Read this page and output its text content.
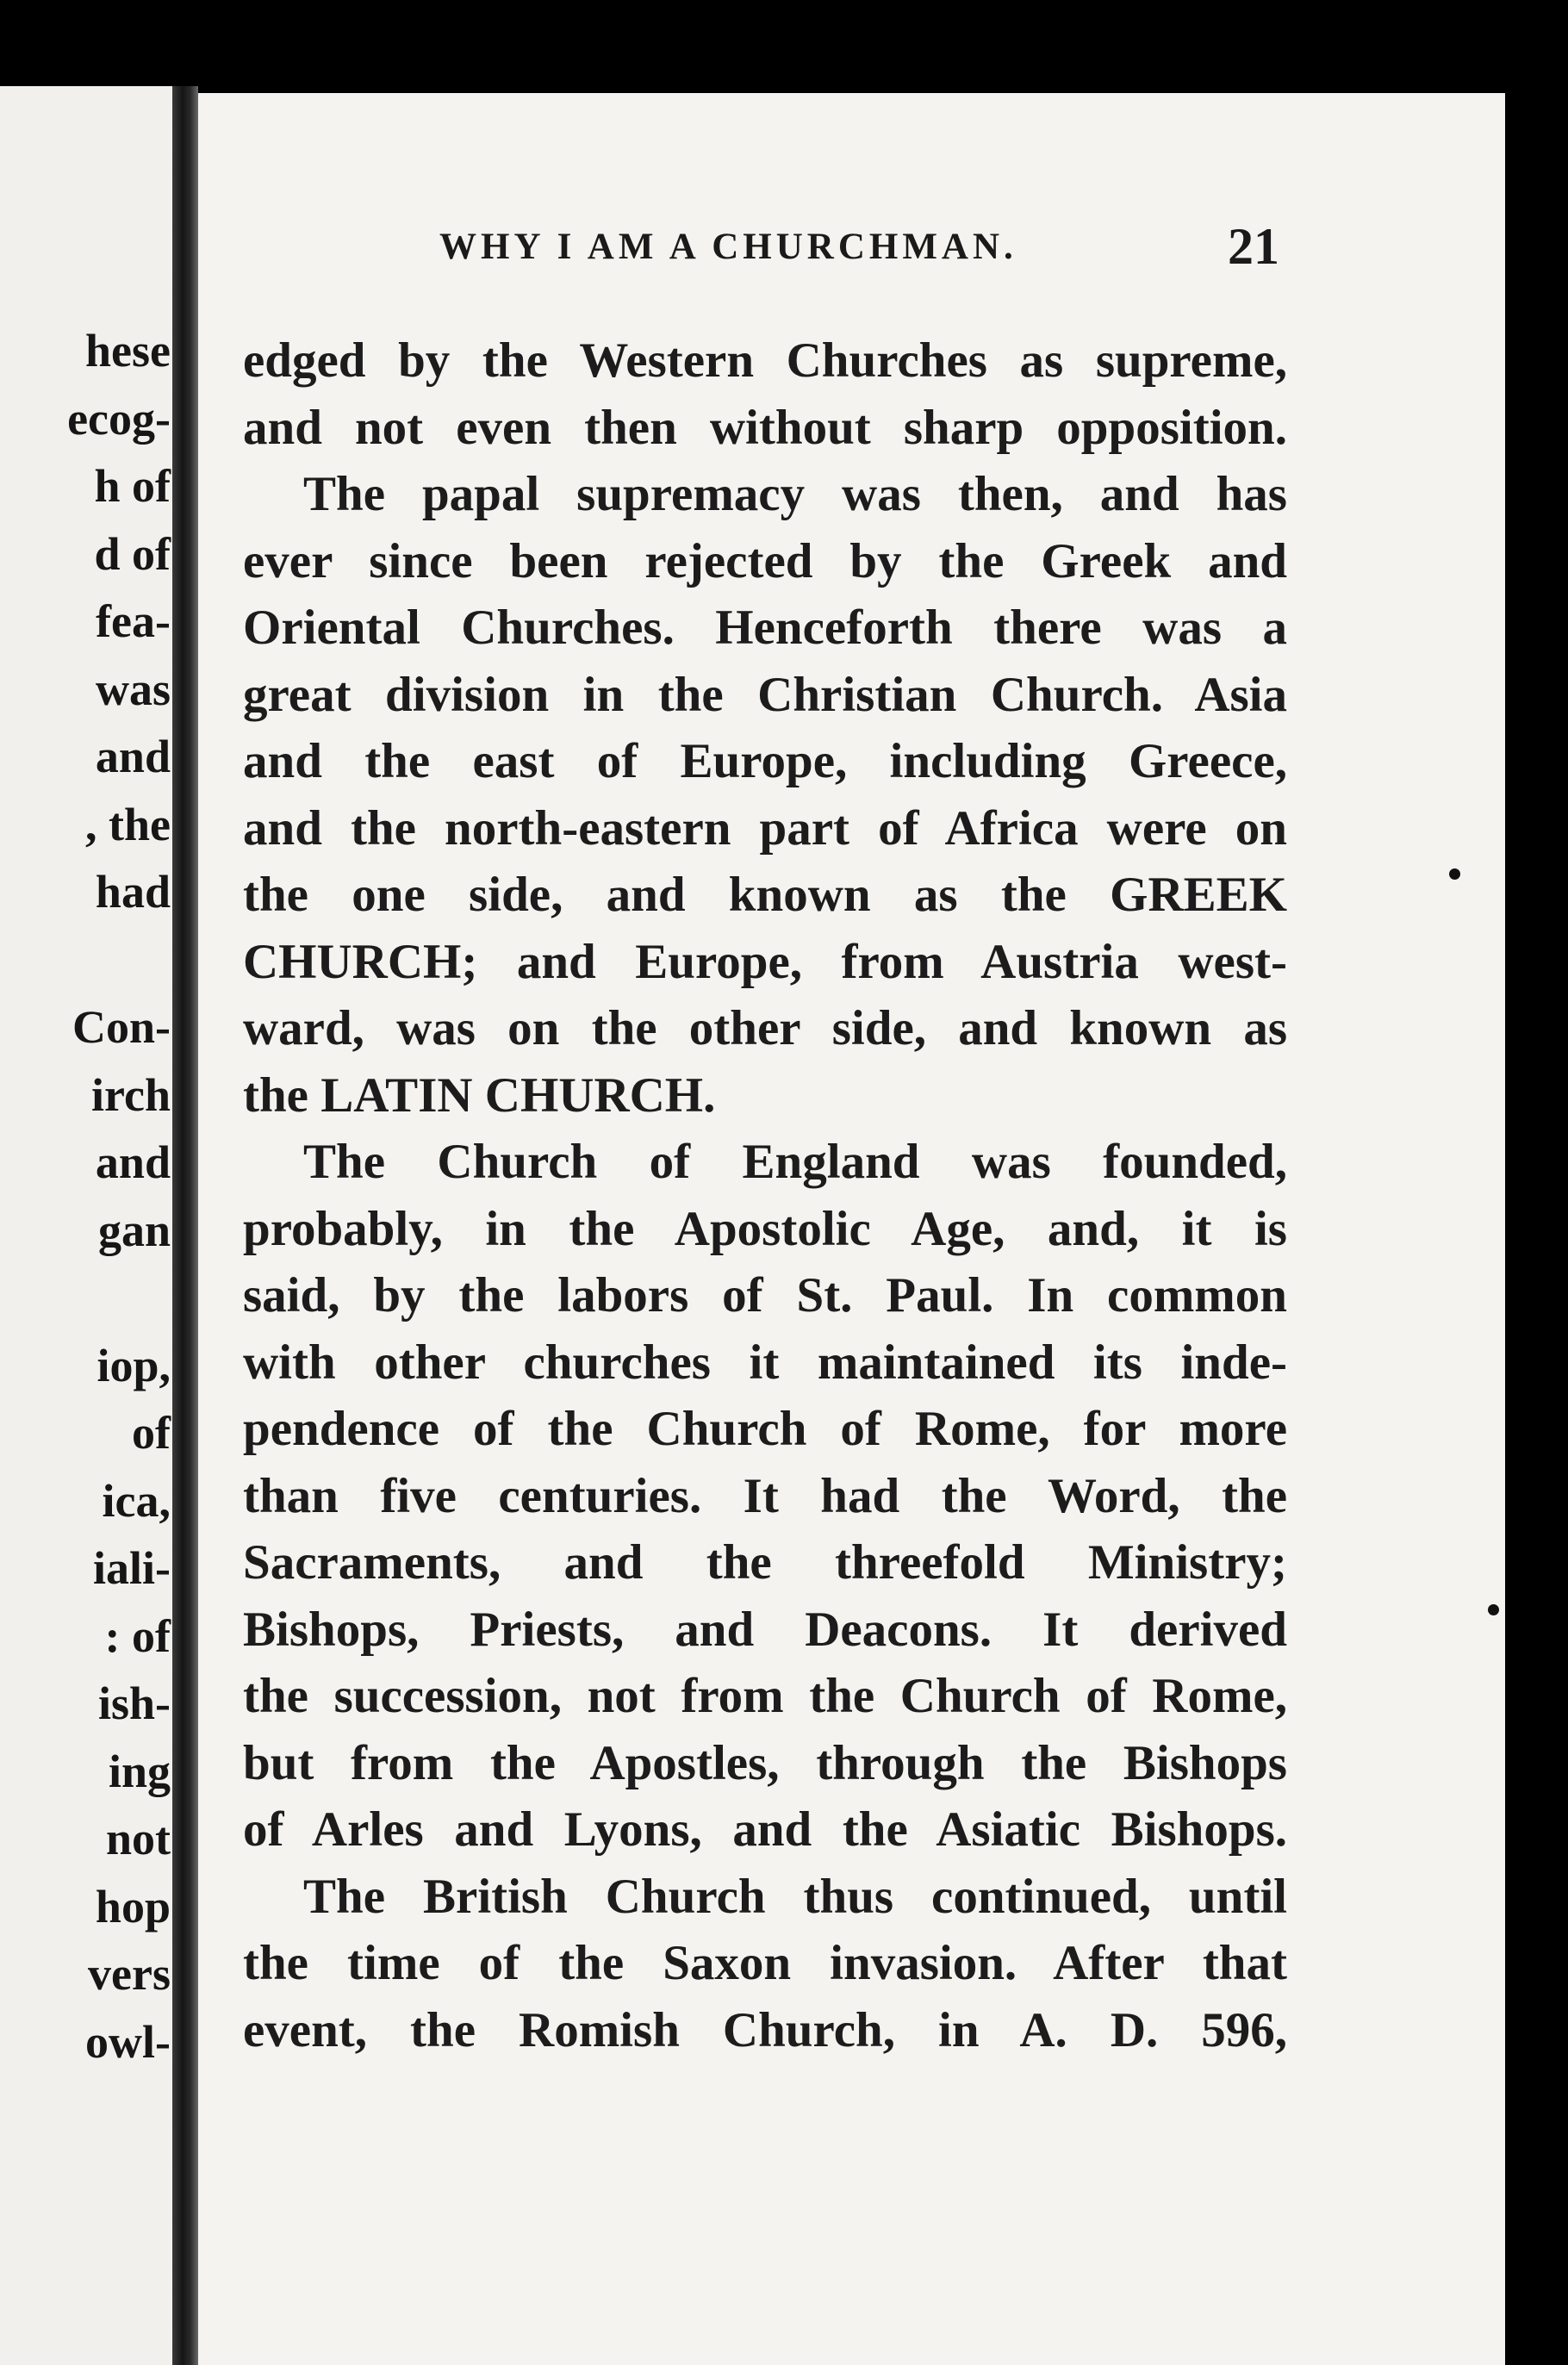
hese

ecog-

h of

d of

fea-

was

and

, the

had

Con-

irch

and

gan

iop,

of

ica,

iali-

: of

ish-

ing

not

hop

vers

owl-

WHY I AM A CHURCHMAN.	21

edged by the Western Churches as supreme,
and not even then without sharp opposition.
The papal supremacy was then, and has
ever since been rejected by the Greek and
Oriental Churches. Henceforth there was a
great division in the Christian Church. Asia
and the east of Europe, including Greece,
and the north-eastern part of Africa were on
the one side, and known as the GREEK
CHURCH; and Europe, from Austria west-
ward, was on the other side, and known as
the LATIN CHURCH.
The Church of England was founded,
probably, in the Apostolic Age, and, it is
said, by the labors of St. Paul. In common
with other churches it maintained its inde-
pendence of the Church of Rome, for more
than five centuries. It had the Word, the
Sacraments, and the threefold Ministry;
Bishops, Priests, and Deacons. It derived
the succession, not from the Church of Rome,
but from the Apostles, through the Bishops
of Arles and Lyons, and the Asiatic Bishops.
The British Church thus continued, until
the time of the Saxon invasion. After that
event, the Romish Church, in A. D. 596,
